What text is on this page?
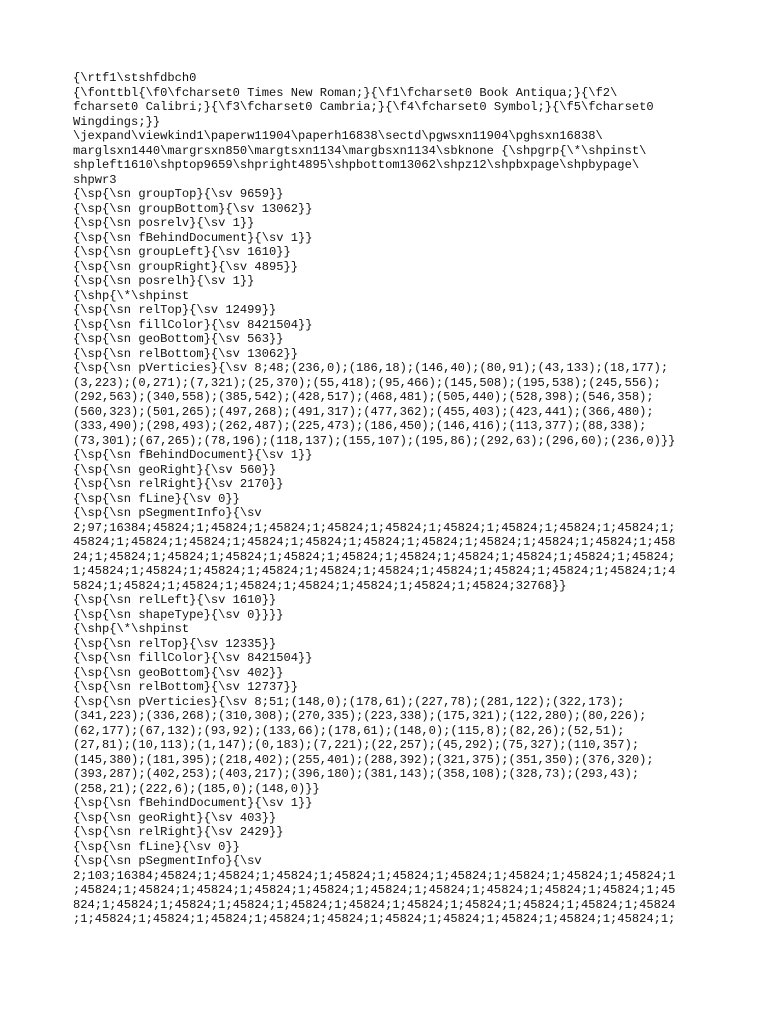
{\rtf1\stshfdbch0
{\fonttbl{\f0\fcharset0 Times New Roman;}{\f1\fcharset0 Book Antiqua;}{\f2\
fcharset0 Calibri;}{\f3\fcharset0 Cambria;}{\f4\fcharset0 Symbol;}{\f5\fcharset0
Wingdings;}}
\jexpand\viewkind1\paperw11904\paperh16838\sectd\pgwsxn11904\pghsxn16838\
marglsxn1440\margrsxn850\margtsxn1134\margbsxn1134\sbknone {\shpgrp{\*\shpinst\
shpleft1610\shptop9659\shpright4895\shpbottom13062\shpz12\shpbxpage\shpbypage\
shpwr3
{\sp{\sn groupTop}{\sv 9659}}
{\sp{\sn groupBottom}{\sv 13062}}
{\sp{\sn posrelv}{\sv 1}}
{\sp{\sn fBehindDocument}{\sv 1}}
{\sp{\sn groupLeft}{\sv 1610}}
{\sp{\sn groupRight}{\sv 4895}}
{\sp{\sn posrelh}{\sv 1}}
{\shp{\*\shpinst
{\sp{\sn relTop}{\sv 12499}}
{\sp{\sn fillColor}{\sv 8421504}}
{\sp{\sn geoBottom}{\sv 563}}
{\sp{\sn relBottom}{\sv 13062}}
{\sp{\sn pVerticies}{\sv 8;48;(236,0);(186,18);(146,40);(80,91);(43,133);(18,177);
(3,223);(0,271);(7,321);(25,370);(55,418);(95,466);(145,508);(195,538);(245,556);
(292,563);(340,558);(385,542);(428,517);(468,481);(505,440);(528,398);(546,358);
(560,323);(501,265);(497,268);(491,317);(477,362);(455,403);(423,441);(366,480);
(333,490);(298,493);(262,487);(225,473);(186,450);(146,416);(113,377);(88,338);
(73,301);(67,265);(78,196);(118,137);(155,107);(195,86);(292,63);(296,60);(236,0)}}
{\sp{\sn fBehindDocument}{\sv 1}}
{\sp{\sn geoRight}{\sv 560}}
{\sp{\sn relRight}{\sv 2170}}
{\sp{\sn fLine}{\sv 0}}
{\sp{\sn pSegmentInfo}{\sv
2;97;16384;45824;1;45824;1;45824;1;45824;1;45824;1;45824;1;45824;1;45824;1;45824;1;
45824;1;45824;1;45824;1;45824;1;45824;1;45824;1;45824;1;45824;1;45824;1;45824;1;458
24;1;45824;1;45824;1;45824;1;45824;1;45824;1;45824;1;45824;1;45824;1;45824;1;45824;
1;45824;1;45824;1;45824;1;45824;1;45824;1;45824;1;45824;1;45824;1;45824;1;45824;1;4
5824;1;45824;1;45824;1;45824;1;45824;1;45824;1;45824;1;45824;32768}}
{\sp{\sn relLeft}{\sv 1610}}
{\sp{\sn shapeType}{\sv 0}}}}
{\shp{\*\shpinst
{\sp{\sn relTop}{\sv 12335}}
{\sp{\sn fillColor}{\sv 8421504}}
{\sp{\sn geoBottom}{\sv 402}}
{\sp{\sn relBottom}{\sv 12737}}
{\sp{\sn pVerticies}{\sv 8;51;(148,0);(178,61);(227,78);(281,122);(322,173);
(341,223);(336,268);(310,308);(270,335);(223,338);(175,321);(122,280);(80,226);
(62,177);(67,132);(93,92);(133,66);(178,61);(148,0);(115,8);(82,26);(52,51);
(27,81);(10,113);(1,147);(0,183);(7,221);(22,257);(45,292);(75,327);(110,357);
(145,380);(181,395);(218,402);(255,401);(288,392);(321,375);(351,350);(376,320);
(393,287);(402,253);(403,217);(396,180);(381,143);(358,108);(328,73);(293,43);
(258,21);(222,6);(185,0);(148,0)}}
{\sp{\sn fBehindDocument}{\sv 1}}
{\sp{\sn geoRight}{\sv 403}}
{\sp{\sn relRight}{\sv 2429}}
{\sp{\sn fLine}{\sv 0}}
{\sp{\sn pSegmentInfo}{\sv
2;103;16384;45824;1;45824;1;45824;1;45824;1;45824;1;45824;1;45824;1;45824;1;45824;1
;45824;1;45824;1;45824;1;45824;1;45824;1;45824;1;45824;1;45824;1;45824;1;45824;1;45
824;1;45824;1;45824;1;45824;1;45824;1;45824;1;45824;1;45824;1;45824;1;45824;1;45824
;1;45824;1;45824;1;45824;1;45824;1;45824;1;45824;1;45824;1;45824;1;45824;1;45824;1;
